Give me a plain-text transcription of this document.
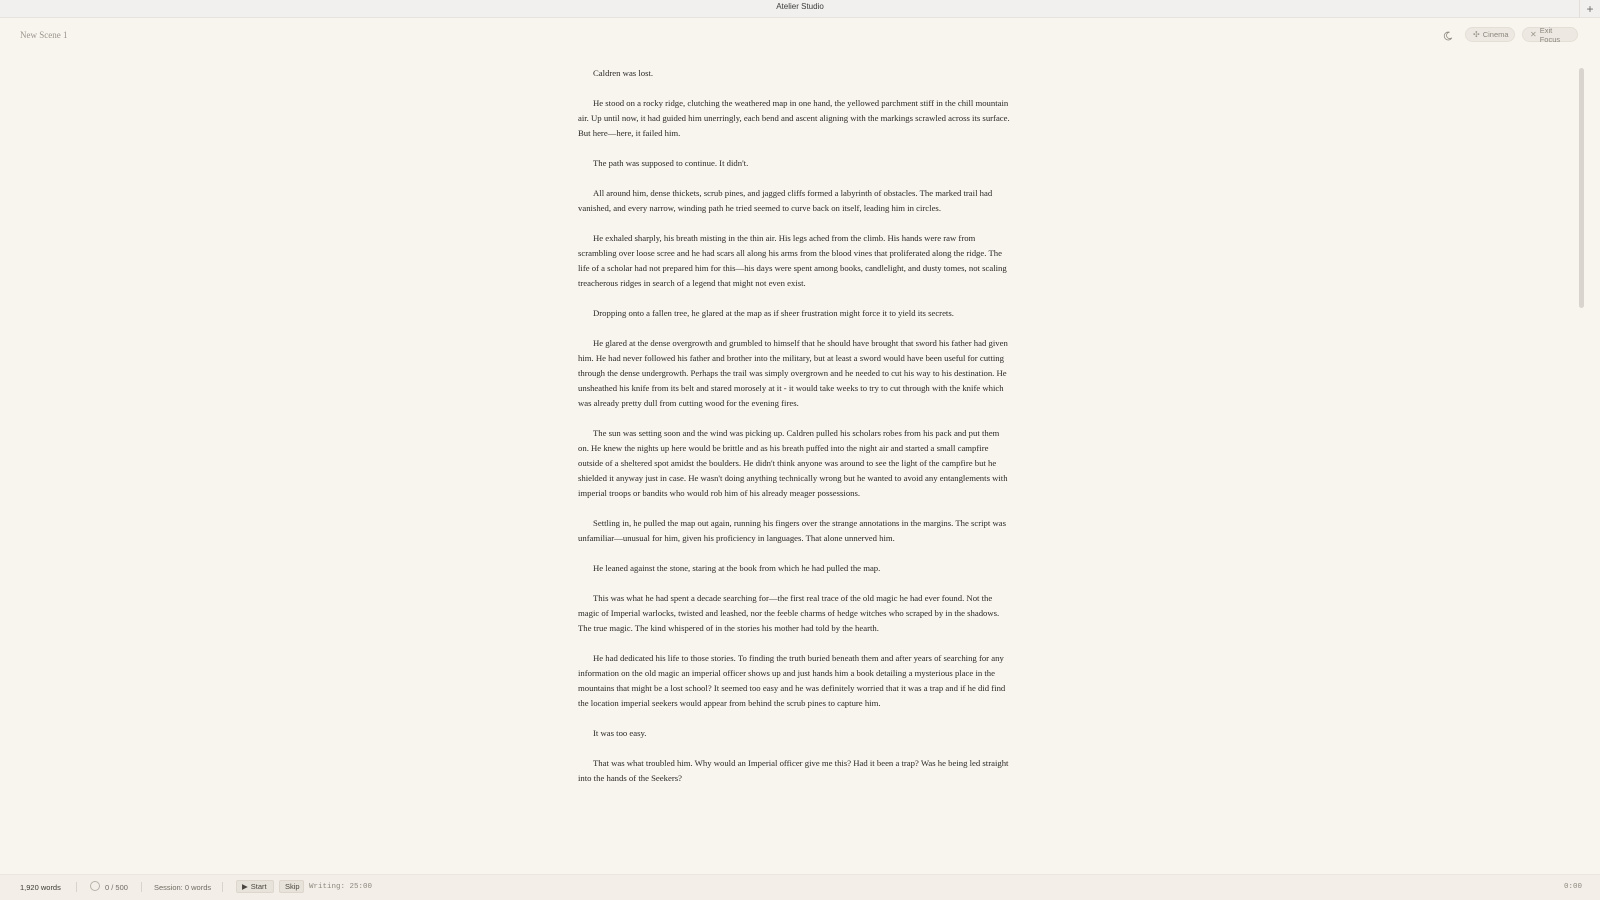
Atelier Studio	+
New Scene 1	✣ Cinema	✕ Exit Focus

Caldren was lost.

He stood on a rocky ridge, clutching the weathered map in one hand, the yellowed parchment stiff in the chill mountain air. Up until now, it had guided him unerringly, each bend and ascent aligning with the markings scrawled across its surface. But here—here, it failed him.

The path was supposed to continue. It didn't.

All around him, dense thickets, scrub pines, and jagged cliffs formed a labyrinth of obstacles. The marked trail had vanished, and every narrow, winding path he tried seemed to curve back on itself, leading him in circles.

He exhaled sharply, his breath misting in the thin air. His legs ached from the climb. His hands were raw from scrambling over loose scree and he had scars all along his arms from the blood vines that proliferated along the ridge. The life of a scholar had not prepared him for this—his days were spent among books, candlelight, and dusty tomes, not scaling treacherous ridges in search of a legend that might not even exist.

Dropping onto a fallen tree, he glared at the map as if sheer frustration might force it to yield its secrets.

He glared at the dense overgrowth and grumbled to himself that he should have brought that sword his father had given him. He had never followed his father and brother into the military, but at least a sword would have been useful for cutting through the dense undergrowth. Perhaps the trail was simply overgrown and he needed to cut his way to his destination. He unsheathed his knife from its belt and stared morosely at it - it would take weeks to try to cut through with the knife which was already pretty dull from cutting wood for the evening fires.

The sun was setting soon and the wind was picking up. Caldren pulled his scholars robes from his pack and put them on. He knew the nights up here would be brittle and as his breath puffed into the night air and started a small campfire outside of a sheltered spot amidst the boulders. He didn't think anyone was around to see the light of the campfire but he shielded it anyway just in case. He wasn't doing anything technically wrong but he wanted to avoid any entanglements with imperial troops or bandits who would rob him of his already meager possessions.

Settling in, he pulled the map out again, running his fingers over the strange annotations in the margins. The script was unfamiliar—unusual for him, given his proficiency in languages. That alone unnerved him.

He leaned against the stone, staring at the book from which he had pulled the map.

This was what he had spent a decade searching for—the first real trace of the old magic he had ever found. Not the magic of Imperial warlocks, twisted and leashed, nor the feeble charms of hedge witches who scraped by in the shadows. The true magic. The kind whispered of in the stories his mother had told by the hearth.

He had dedicated his life to those stories. To finding the truth buried beneath them and after years of searching for any information on the old magic an imperial officer shows up and just hands him a book detailing a mysterious place in the mountains that might be a lost school? It seemed too easy and he was definitely worried that it was a trap and if he did find the location imperial seekers would appear from behind the scrub pines to capture him.

It was too easy.

That was what troubled him. Why would an Imperial officer give me this? Had it been a trap? Was he being led straight into the hands of the Seekers?

1,920 words	0 / 500	Session: 0 words	▶ Start Skip Writing: 25:00	0:00
